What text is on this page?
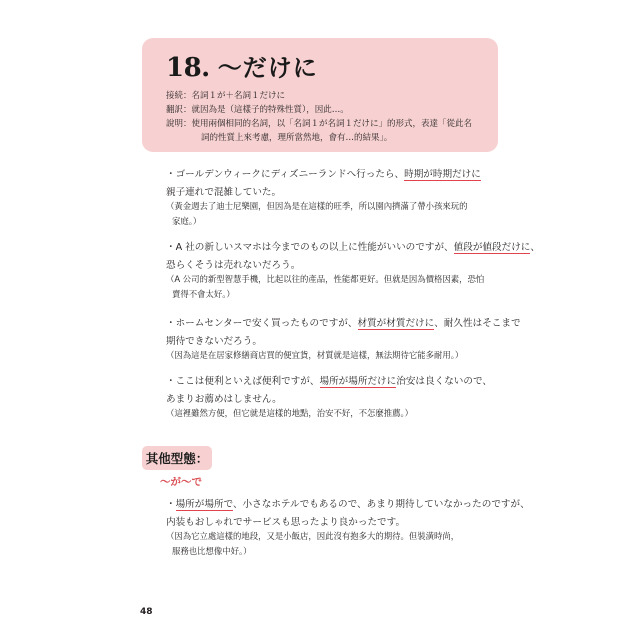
18. ～だけに
接続：名詞１が＋名詞１だけに
翻訳：就因為是（這樣子的特殊性質），因此…。
說明：使用兩個相同的名詞，以「名詞１が名詞１だけに」的形式，表達「從此名
詞的性質上來考慮，理所當然地，會有…的結果」。
・ゴールデンウィークにディズニーランドへ行ったら、時期が時期だけに
親子連れで混雑していた。
（黃金週去了迪士尼樂園，但因為是在這樣的旺季，所以園內擠滿了帶小孩來玩的
家庭。）
・A 社の新しいスマホは今までのもの以上に性能がいいのですが、値段が値段だけに、
恐らくそうは売れないだろう。
（A 公司的新型智慧手機，比起以往的產品，性能都更好。但就是因為價格因素，恐怕
賣得不會太好。）
・ホームセンターで安く買ったものですが、材質が材質だけに、耐久性はそこまで
期待できないだろう。
（因為這是在居家修繕商店買的便宜貨，材質就是這樣，無法期待它能多耐用。）
・ここは便利といえば便利ですが、場所が場所だけに治安は良くないので、
あまりお薦めはしません。
（這裡雖然方便，但它就是這樣的地點，治安不好，不怎麼推薦。）
其他型態：
～が～で
・場所が場所で、小さなホテルでもあるので、あまり期待していなかったのですが、
内装もおしゃれでサービスも思ったより良かったです。
（因為它立處這樣的地段，又是小飯店，因此沒有抱多大的期待。但裝潢時尚，
服務也比想像中好。）
48
